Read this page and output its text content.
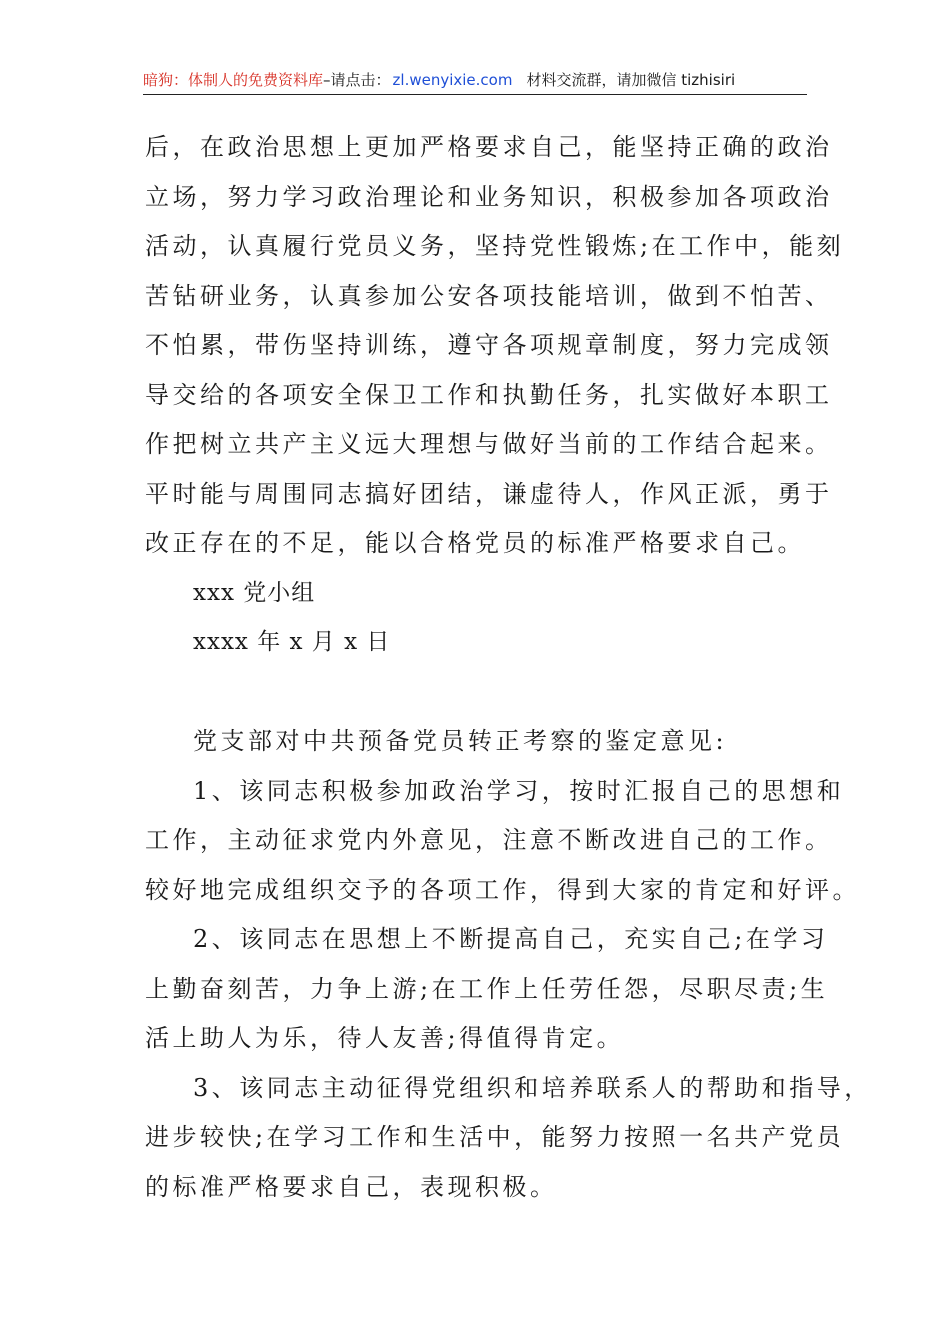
暗狗：体制人的免费资料库–请点击： zl.wenyixie.com 材料交流群，请加微信 tizhisiri
后，在政治思想上更加严格要求自己，能坚持正确的政治
立场，努力学习政治理论和业务知识，积极参加各项政治
活动，认真履行党员义务，坚持党性锻炼;在工作中，能刻
苦钻研业务，认真参加公安各项技能培训，做到不怕苦、
不怕累，带伤坚持训练，遵守各项规章制度，努力完成领
导交给的各项安全保卫工作和执勤任务，扎实做好本职工
作把树立共产主义远大理想与做好当前的工作结合起来。
平时能与周围同志搞好团结，谦虚待人，作风正派，勇于
改正存在的不足，能以合格党员的标准严格要求自己。
xxx 党小组
xxxx 年 x 月 x 日
党支部对中共预备党员转正考察的鉴定意见:
1、该同志积极参加政治学习，按时汇报自己的思想和
工作，主动征求党内外意见，注意不断改进自己的工作。
较好地完成组织交予的各项工作，得到大家的肯定和好评。
2、该同志在思想上不断提高自己，充实自己;在学习
上勤奋刻苦，力争上游;在工作上任劳任怨，尽职尽责;生
活上助人为乐，待人友善;得值得肯定。
3、该同志主动征得党组织和培养联系人的帮助和指导，
进步较快;在学习工作和生活中，能努力按照一名共产党员
的标准严格要求自己，表现积极。
